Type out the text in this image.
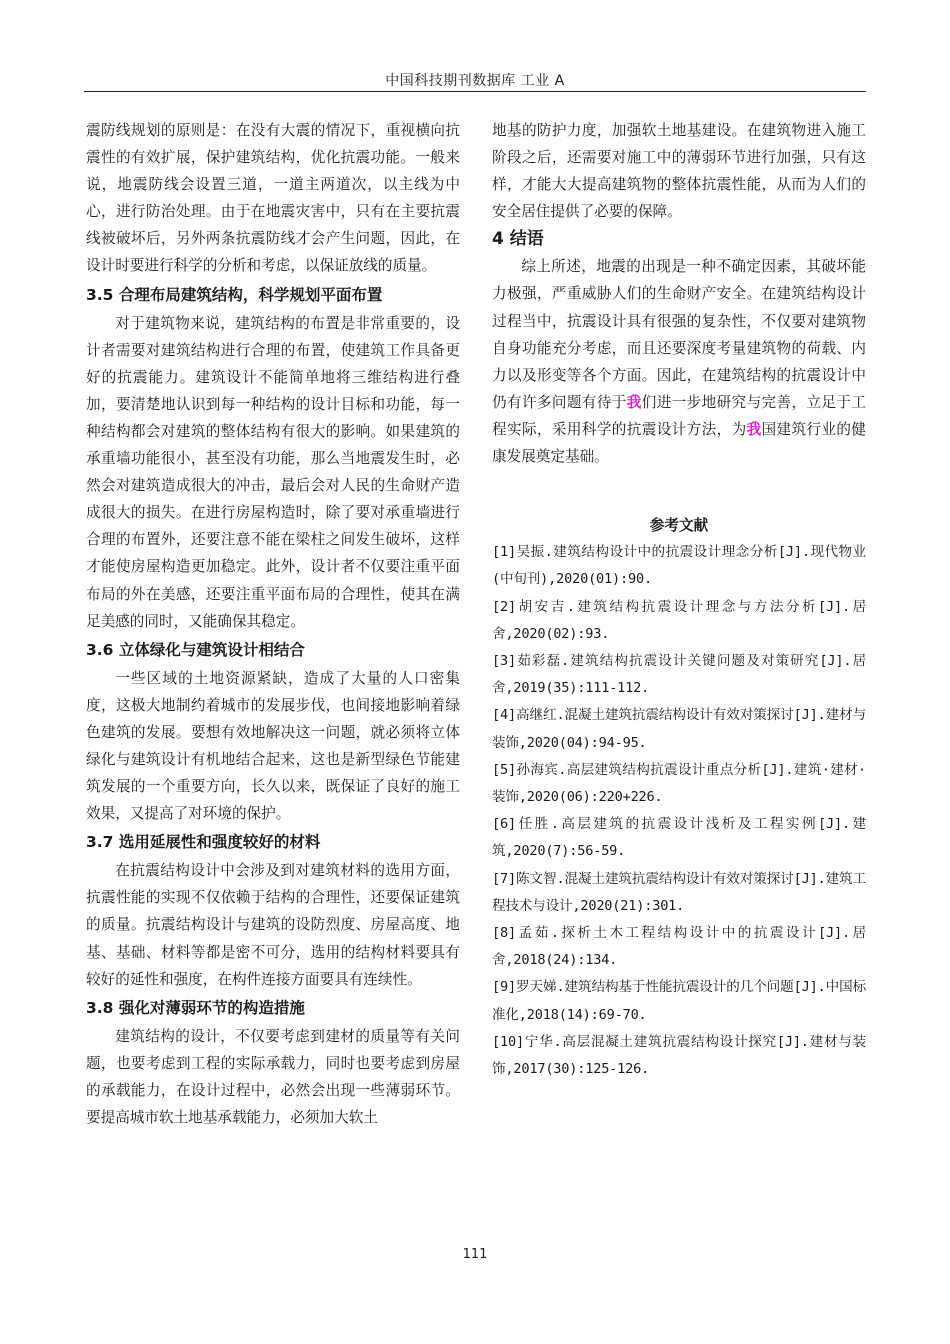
中国科技期刊数据库 工业 A

震防线规划的原则是：在没有大震的情况下，重视横向抗震性的有效扩展，保护建筑结构，优化抗震功能。一般来说，地震防线会设置三道，一道主两道次，以主线为中心，进行防治处理。由于在地震灾害中，只有在主要抗震线被破坏后，另外两条抗震防线才会产生问题，因此，在设计时要进行科学的分析和考虑，以保证放线的质量。

3.5 合理布局建筑结构，科学规划平面布置

对于建筑物来说，建筑结构的布置是非常重要的，设计者需要对建筑结构进行合理的布置，使建筑工作具备更好的抗震能力。建筑设计不能简单地将三维结构进行叠加，要清楚地认识到每一种结构的设计目标和功能，每一种结构都会对建筑的整体结构有很大的影响。如果建筑的承重墙功能很小，甚至没有功能，那么当地震发生时，必然会对建筑造成很大的冲击，最后会对人民的生命财产造成很大的损失。在进行房屋构造时，除了要对承重墙进行合理的布置外，还要注意不能在梁柱之间发生破坏，这样才能使房屋构造更加稳定。此外，设计者不仅要注重平面布局的外在美感，还要注重平面布局的合理性，使其在满足美感的同时，又能确保其稳定。

3.6 立体绿化与建筑设计相结合

一些区域的土地资源紧缺，造成了大量的人口密集度，这极大地制约着城市的发展步伐，也间接地影响着绿色建筑的发展。要想有效地解决这一问题，就必须将立体绿化与建筑设计有机地结合起来，这也是新型绿色节能建筑发展的一个重要方向，长久以来，既保证了良好的施工效果，又提高了对环境的保护。

3.7 选用延展性和强度较好的材料

在抗震结构设计中会涉及到对建筑材料的选用方面，抗震性能的实现不仅依赖于结构的合理性，还要保证建筑的质量。抗震结构设计与建筑的设防烈度、房屋高度、地基、基础、材料等都是密不可分，选用的结构材料要具有较好的延性和强度，在构件连接方面要具有连续性。

3.8 强化对薄弱环节的构造措施

建筑结构的设计，不仅要考虑到建材的质量等有关问题，也要考虑到工程的实际承载力，同时也要考虑到房屋的承载能力，在设计过程中，必然会出现一些薄弱环节。要提高城市软土地基承载能力，必须加大软土

地基的防护力度，加强软土地基建设。在建筑物进入施工阶段之后，还需要对施工中的薄弱环节进行加强，只有这样，才能大大提高建筑物的整体抗震性能，从而为人们的安全居住提供了必要的保障。

4 结语

综上所述，地震的出现是一种不确定因素，其破坏能力极强，严重威胁人们的生命财产安全。在建筑结构设计过程当中，抗震设计具有很强的复杂性，不仅要对建筑物自身功能充分考虑，而且还要深度考量建筑物的荷载、内力以及形变等各个方面。因此，在建筑结构的抗震设计中仍有许多问题有待于我们进一步地研究与完善，立足于工程实际，采用科学的抗震设计方法，为我国建筑行业的健康发展奠定基础。

参考文献
[1]吴振.建筑结构设计中的抗震设计理念分析[J].现代物业(中旬刊),2020(01):90.
[2]胡安吉.建筑结构抗震设计理念与方法分析[J].居舍,2020(02):93.
[3]茹彩磊.建筑结构抗震设计关键问题及对策研究[J].居舍,2019(35):111-112.
[4]高继红.混凝土建筑抗震结构设计有效对策探讨[J].建材与装饰,2020(04):94-95.
[5]孙海宾.高层建筑结构抗震设计重点分析[J].建筑·建材·装饰,2020(06):220+226.
[6]任胜.高层建筑的抗震设计浅析及工程实例[J].建筑,2020(7):56-59.
[7]陈文智.混凝土建筑抗震结构设计有效对策探讨[J].建筑工程技术与设计,2020(21):301.
[8]孟茹.探析土木工程结构设计中的抗震设计[J].居舍,2018(24):134.
[9]罗天娣.建筑结构基于性能抗震设计的几个问题[J].中国标准化,2018(14):69-70.
[10]宁华.高层混凝土建筑抗震结构设计探究[J].建材与装饰,2017(30):125-126.
111
